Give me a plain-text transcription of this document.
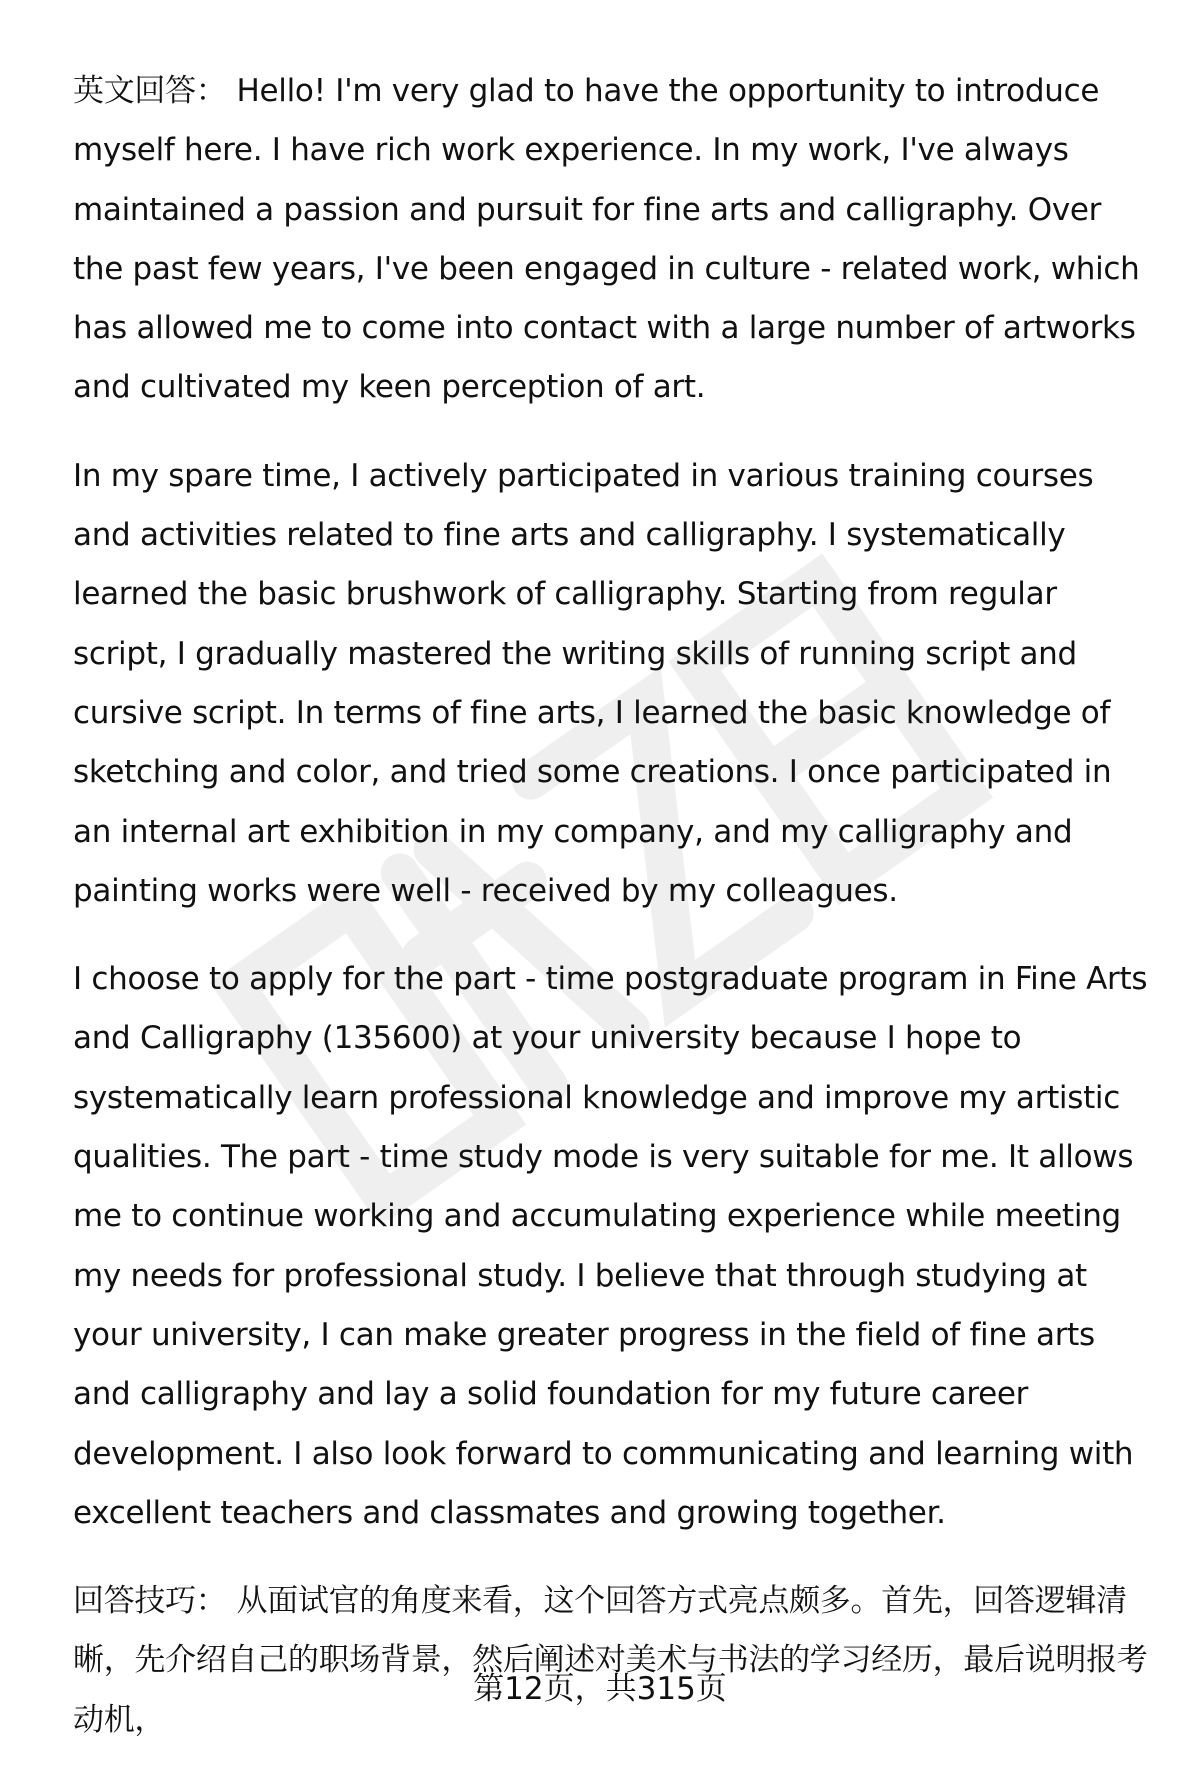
英文回答： Hello! I'm very glad to have the opportunity to introduce myself here. I have rich work experience. In my work, I've always maintained a passion and pursuit for fine arts and calligraphy. Over the past few years, I've been engaged in culture - related work, which has allowed me to come into contact with a large number of artworks and cultivated my keen perception of art.

In my spare time, I actively participated in various training courses and activities related to fine arts and calligraphy. I systematically learned the basic brushwork of calligraphy. Starting from regular script, I gradually mastered the writing skills of running script and cursive script. In terms of fine arts, I learned the basic knowledge of sketching and color, and tried some creations. I once participated in an internal art exhibition in my company, and my calligraphy and painting works were well - received by my colleagues.

I choose to apply for the part - time postgraduate program in Fine Arts and Calligraphy (135600) at your university because I hope to systematically learn professional knowledge and improve my artistic qualities. The part - time study mode is very suitable for me. It allows me to continue working and accumulating experience while meeting my needs for professional study. I believe that through studying at your university, I can make greater progress in the field of fine arts and calligraphy and lay a solid foundation for my future career development. I also look forward to communicating and learning with excellent teachers and classmates and growing together.

回答技巧： 从面试官的角度来看，这个回答方式亮点颇多。首先，回答逻辑清晰，先介绍自己的职场背景，然后阐述对美术与书法的学习经历，最后说明报考动机，

第12页，共315页
